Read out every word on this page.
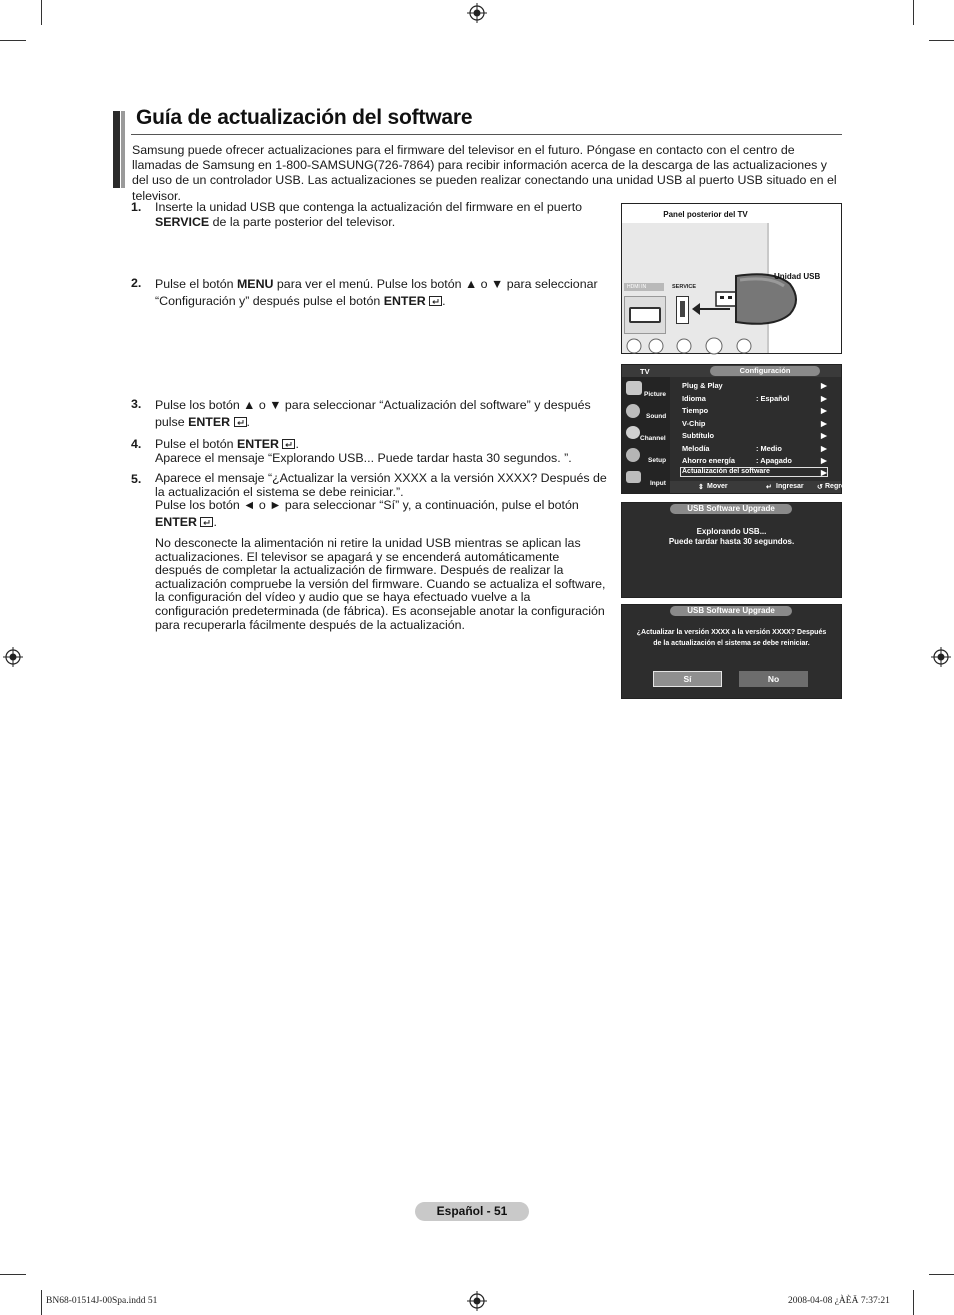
Guía de actualización del software
Samsung puede ofrecer actualizaciones para el firmware del televisor en el futuro. Póngase en contacto con el centro de llamadas de Samsung en 1-800-SAMSUNG(726-7864) para recibir información acerca de la descarga de las actualizaciones y del uso de un controlador USB. Las actualizaciones se pueden realizar conectando una unidad USB al puerto USB situado en el televisor.
1. Inserte la unidad USB que contenga la actualización del firmware en el puerto SERVICE de la parte posterior del televisor.
2. Pulse el botón MENU para ver el menú. Pulse los botón ▲ o ▼ para seleccionar “Configuración y” después pulse el botón ENTER .
3. Pulse los botón ▲ o ▼ para seleccionar “Actualización del software” y después pulse ENTER .
4. Pulse el botón ENTER .
Aparece el mensaje “Explorando USB... Puede tardar hasta 30 segundos. ”.
5. Aparece el mensaje “¿Actualizar la versión XXXX a la versión XXXX? Después de la actualización el sistema se debe reiniciar.”.
Pulse los botón ◄ o ► para seleccionar “Sí” y, a continuación, pulse el botón
ENTER .
No desconecte la alimentación ni retire la unidad USB mientras se aplican las actualizaciones. El televisor se apagará y se encenderá automáticamente después de completar la actualización de firmware. Después de realizar la actualización compruebe la versión del firmware. Cuando se actualiza el software, la configuración del vídeo y audio que se haya efectuado vuelve a la configuración predeterminada (de fábrica). Es aconsejable anotar la configuración para recuperarla fácilmente después de la actualización.
Panel posterior del TV
HDMI IN	SERVICE
Unidad USB
TV	Configuración
Picture
Sound
Channel
Setup
Input
Plug & Play	▶
Idioma	: Español	▶
Tiempo	▶
V-Chip	▶
Subtítulo	▶
Melodía	: Medio	▶
Ahorro energía	: Apagado	▶
Actualización del software	▶
⇕ Mover	↵ Ingresar ↺ Regresar
USB Software Upgrade
Explorando USB...
Puede tardar hasta 30 segundos.
USB Software Upgrade
¿Actualizar la versión XXXX a la versión XXXX? Después
de la actualización el sistema se debe reiniciar.
Sí	No
Español - 51
BN68-01514J-00Spa.indd 51	2008-04-08 ¿ÀÈÄ 7:37:21
